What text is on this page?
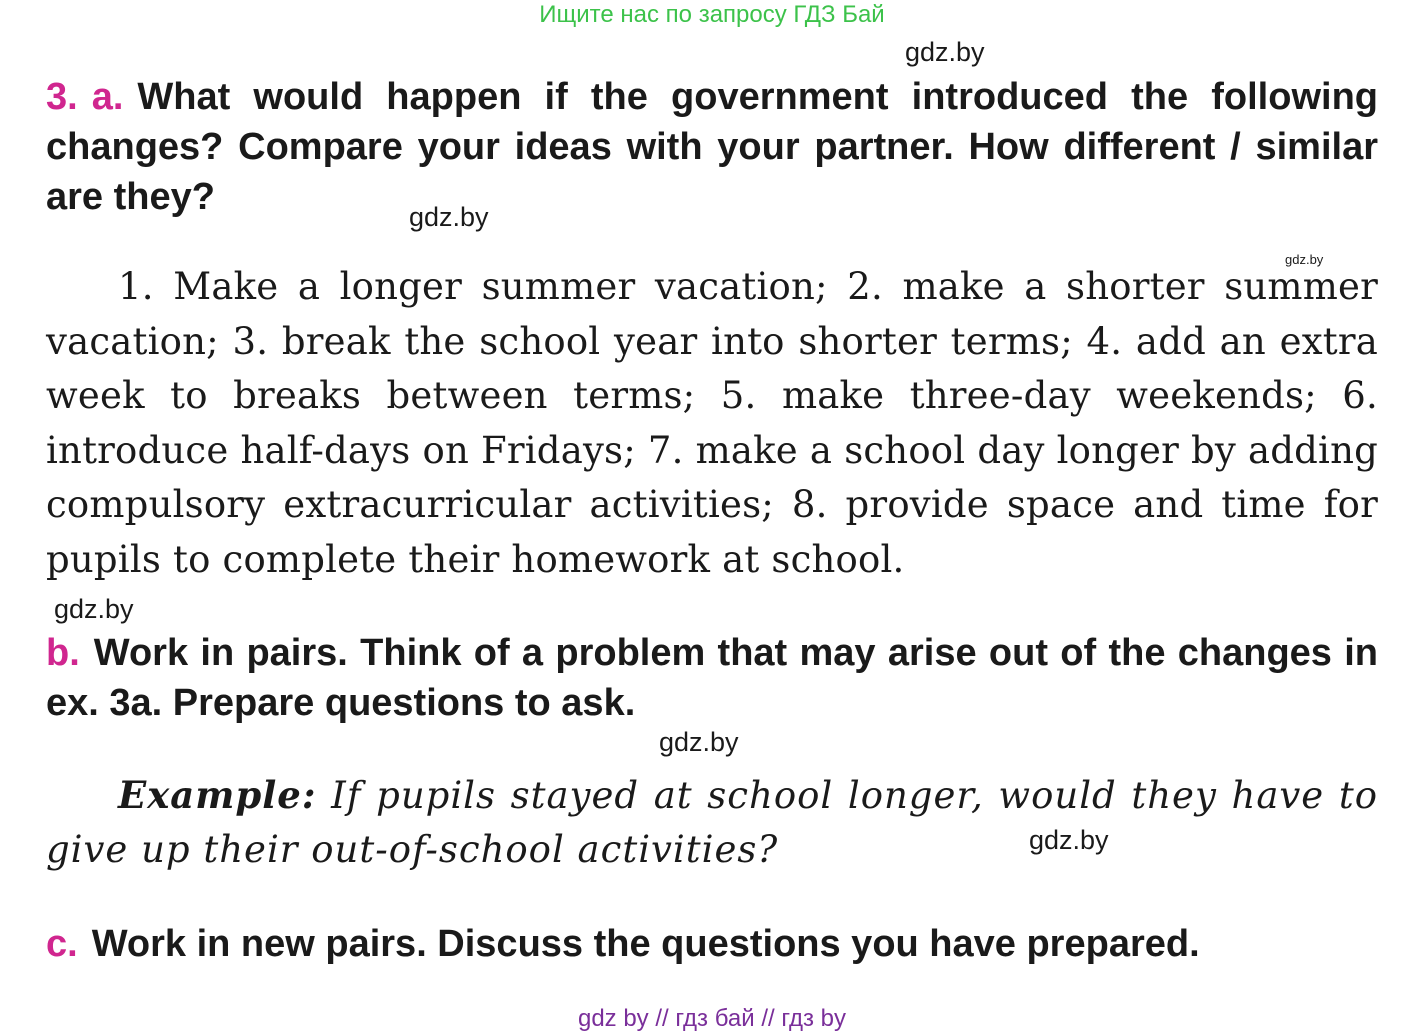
Ищите нас по запросу ГДЗ Бай
gdz.by
3. a. What would happen if the government introduced the following changes? Compare your ideas with your partner. How different / similar are they?	gdz.by
gdz.by
1. Make a longer summer vacation; 2. make a shorter summer vacation; 3. break the school year into shorter terms; 4. add an extra week to breaks between terms; 5. make three-day weekends; 6. introduce half-days on Fridays; 7. make a school day longer by adding compulsory extracurricular activities; 8. provide space and time for pupils to complete their homework at school.
gdz.by
b. Work in pairs. Think of a problem that may arise out of the changes in ex. 3a. Prepare questions to ask.
gdz.by
Example: If pupils stayed at school longer, would they have to give up their out-of-school activities?	gdz.by
c. Work in new pairs. Discuss the questions you have prepared.
gdz by // гдз бай // гдз by
